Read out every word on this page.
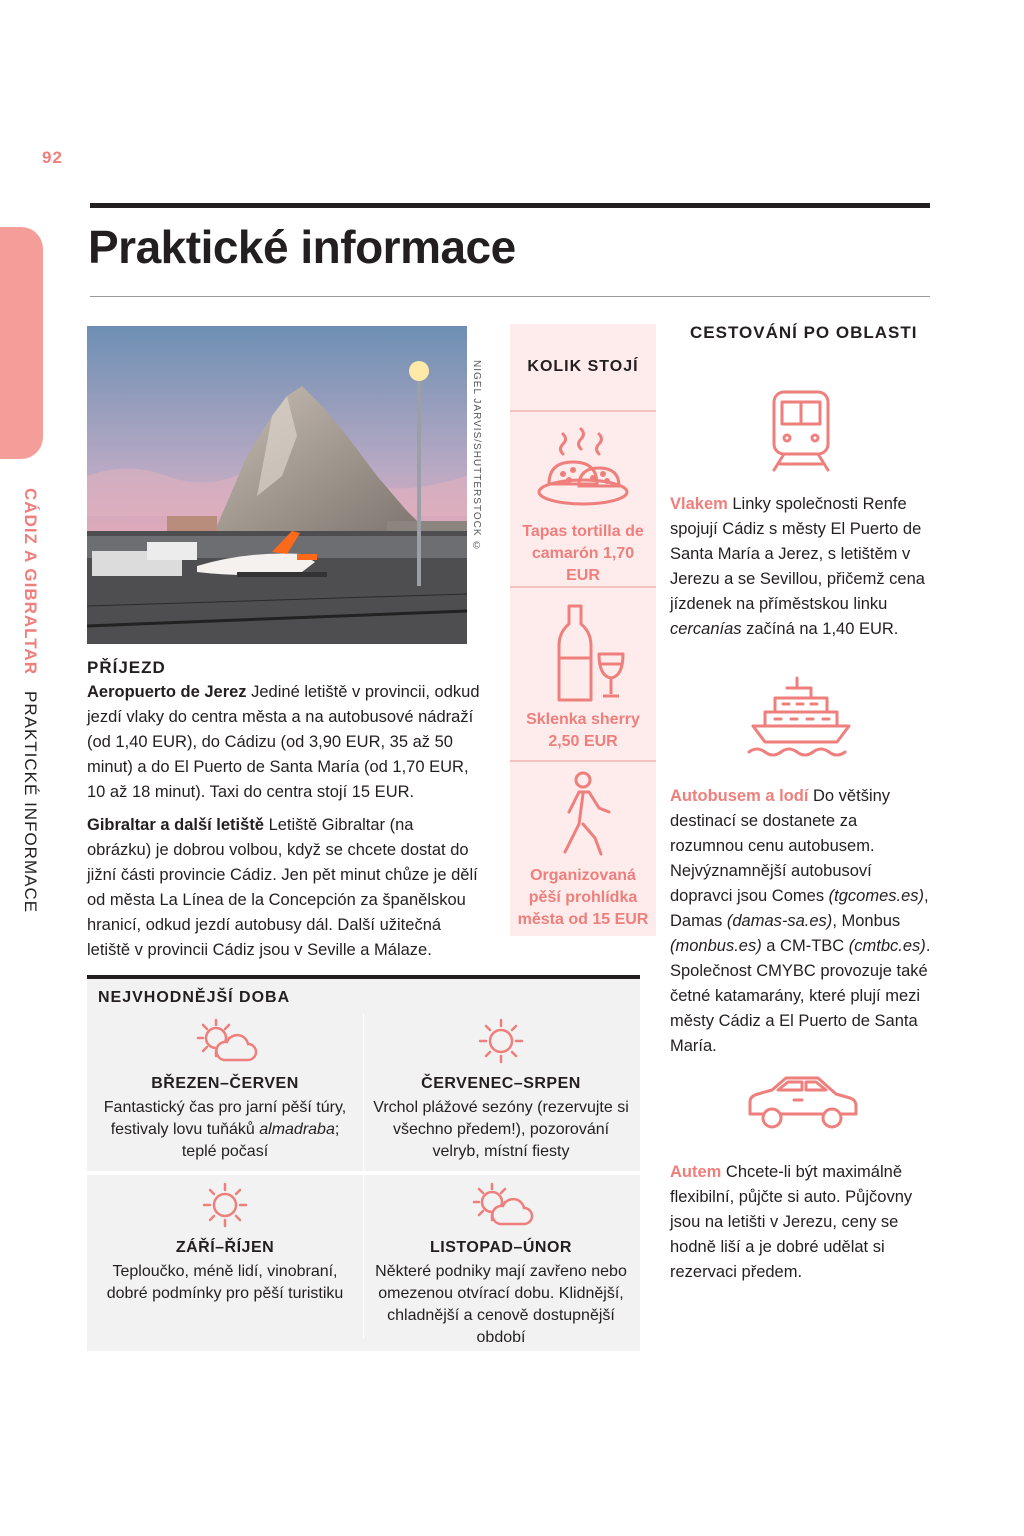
92
CÁDIZ A GIBRALTAR PRAKTICKÉ INFORMACE
Praktické informace
NIGEL JARVIS/SHUTTERSTOCK ©
PŘÍJEZD

Aeropuerto de Jerez Jediné letiště v provincii, odkud jezdí vlaky do centra města a na autobusové nádraží (od 1,40 EUR), do Cádizu (od 3,90 EUR, 35 až 50 minut) a do El Puerto de Santa María (od 1,70 EUR, 10 až 18 minut). Taxi do centra stojí 15 EUR.

Gibraltar a další letiště Letiště Gibraltar (na obrázku) je dobrou volbou, když se chcete dostat do jižní části provincie Cádiz. Jen pět minut chůze je dělí od města La Línea de la Concepción za španělskou hranicí, odkud jezdí autobusy dál. Další užitečná letiště v provincii Cádiz jsou v Seville a Málaze.

KOLIK STOJÍ
Tapas tortilla de camarón 1,70 EUR
Sklenka sherry 2,50 EUR
Organizovaná pěší prohlídka města od 15 EUR
NEJVHODNĚJŠÍ DOBA
BŘEZEN–ČERVEN
Fantastický čas pro jarní pěší túry, festivaly lovu tuňáků almadraba; teplé počasí
ČERVENEC–SRPEN
Vrchol plážové sezóny (rezervujte si všechno předem!), pozorování velryb, místní fiesty
ZÁŘÍ–ŘÍJEN
Teploučko, méně lidí, vinobraní, dobré podmínky pro pěší turistiku
LISTOPAD–ÚNOR
Některé podniky mají zavřeno nebo omezenou otvírací dobu. Klidnější, chladnější a cenově dostupnější období
CESTOVÁNÍ PO OBLASTI
Vlakem Linky společnosti Renfe spojují Cádiz s městy El Puerto de Santa María a Jerez, s letištěm v Jerezu a se Sevillou, přičemž cena jízdenek na příměstskou linku cercanías začíná na 1,40 EUR.
Autobusem a lodí Do většiny destinací se dostanete za rozumnou cenu autobusem. Nejvýznamnější autobusoví dopravci jsou Comes (tgcomes.es), Damas (damas-sa.es), Monbus (monbus.es) a CM-TBC (cmtbc.es). Společnost CMYBC provozuje také četné katamarány, které plují mezi městy Cádiz a El Puerto de Santa María.
Autem Chcete-li být maximálně flexibilní, půjčte si auto. Půjčovny jsou na letišti v Jerezu, ceny se hodně liší a je dobré udělat si rezervaci předem.
